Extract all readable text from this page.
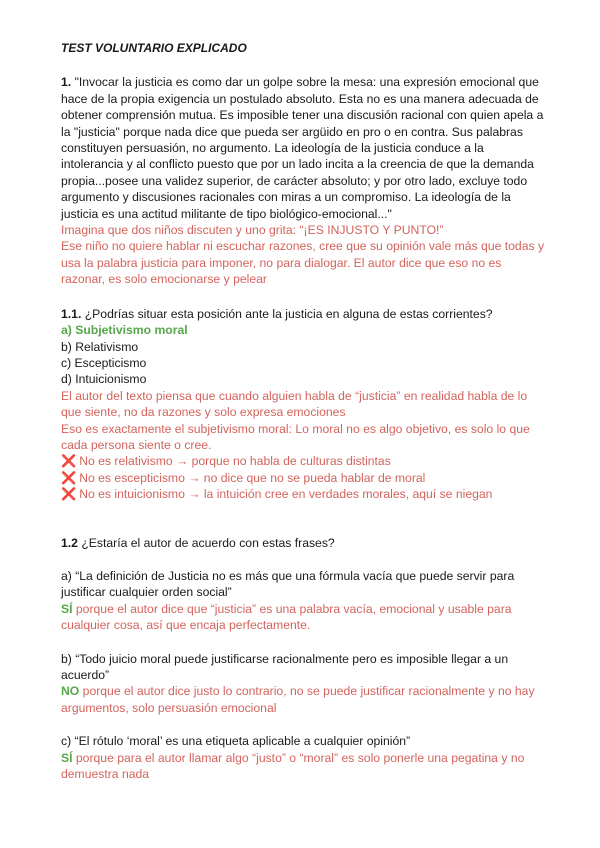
TEST VOLUNTARIO EXPLICADO

1. "Invocar la justicia es como dar un golpe sobre la mesa: una expresión emocional que hace de la propia exigencia un postulado absoluto. Esta no es una manera adecuada de obtener comprensión mutua. Es imposible tener una discusión racional con quien apela a la "justicia" porque nada dice que pueda ser argüido en pro o en contra. Sus palabras constituyen persuasión, no argumento. La ideología de la justicia conduce a la intolerancia y al conflicto puesto que por un lado incita a la creencia de que la demanda propia...posee una validez superior, de carácter absoluto; y por otro lado, excluye todo argumento y discusiones racionales con miras a un compromiso. La ideología de la justicia es una actitud militante de tipo biológico-emocional..."

Imagina que dos niños discuten y uno grita: “¡ES INJUSTO Y PUNTO!”

Ese niño no quiere hablar ni escuchar razones, cree que su opinión vale más que todas y usa la palabra justicia para imponer, no para dialogar. El autor dice que eso no es razonar, es solo emocionarse y pelear

1.1. ¿Podrías situar esta posición ante la justicia en alguna de estas corrientes?

a) Subjetivismo moral

b) Relativismo

c) Escepticismo

d) Intuicionismo

El autor del texto piensa que cuando alguien habla de “justicia” en realidad habla de lo que siente, no da razones y solo expresa emociones

Eso es exactamente el subjetivismo moral: Lo moral no es algo objetivo, es solo lo que cada persona siente o cree.

❌ No es relativismo → porque no habla de culturas distintas

❌ No es escepticismo → no dice que no se pueda hablar de moral

❌ No es intuicionismo → la intuición cree en verdades morales, aquí se niegan

1.2 ¿Estaría el autor de acuerdo con estas frases?

a) “La definición de Justicia no es más que una fórmula vacía que puede servir para justificar cualquier orden social”

SÍ porque el autor dice que “justicia” es una palabra vacía, emocional y usable para cualquier cosa, así que encaja perfectamente.

b) “Todo juicio moral puede justificarse racionalmente pero es imposible llegar a un acuerdo”

NO porque el autor dice justo lo contrario, no se puede justificar racionalmente y no hay argumentos, solo persuasión emocional

c) “El rótulo ‘moral’ es una etiqueta aplicable a cualquier opinión”

SÍ porque para el autor llamar algo “justo” o “moral” es solo ponerle una pegatina y no demuestra nada
